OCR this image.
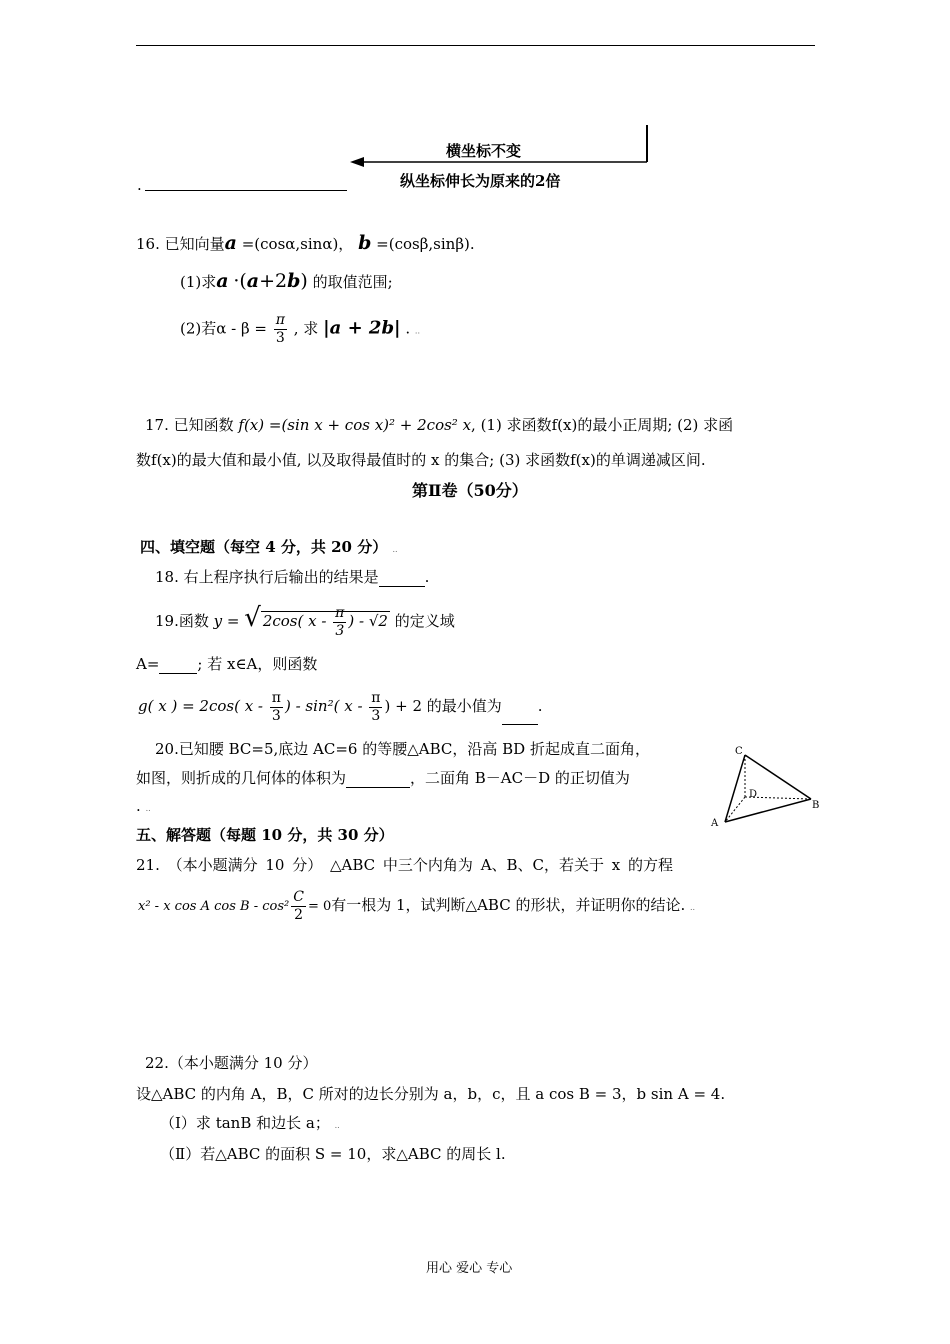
横坐标不变
纵坐标伸长为原来的2倍
.
16. 已知向量a =(cosα,sinα)， b =(cosβ,sinβ).
(1)求a ·(a+2b) 的取值范围;
(2)若$\alpha - \beta = \frac{\pi}{3}$ , 求 |a + 2b| . ..
17. 已知函数 f(x) =(sin x + cos x)² + 2cos² x, (1) 求函数f(x)的最小正周期; (2) 求函
数f(x)的最大值和最小值, 以及取得最值时的 x 的集合; (3) 求函数f(x)的单调递减区间.
第Ⅱ卷（50分）
四、填空题（每空 4 分，共 20 分） ..
18. 右上程序执行后输出的结果是	.
19.函数 y = √ 2cos( x - $\frac{\pi}{3}$ ) - √2 的定义域
A=	; 若 x∈A，则函数
g( x ) = 2cos( x - $\frac{\pi}{3}$ ) - sin²( x - $\frac{\pi}{3}$ ) + 2 的最小值为 .
20.已知腰 BC=5,底边 AC=6 的等腰△ABC，沿高 BD 折起成直二面角，
如图，则折成的几何体的体积为	，二面角 B－AC－D 的正切值为
. ..
C
D
A
B
五、解答题（每题 10 分，共 30 分）
21. （本小题满分 10 分） △ABC 中三个内角为 A、B、C，若关于 x 的方程
x² - x cos A $\cos B - \cos^2 \frac{C}{2} = 0$有一根为 1，试判断△ABC 的形状，并证明你的结论. ..
22.（本小题满分 10 分）
设△ABC 的内角 A，B，C 所对的边长分别为 a，b，c，且 a cos B = 3，b sin A = 4.
（Ⅰ）求 tanB 和边长 a； ..
（Ⅱ）若△ABC 的面积 S = 10，求△ABC 的周长 l.
用心 爱心 专心
